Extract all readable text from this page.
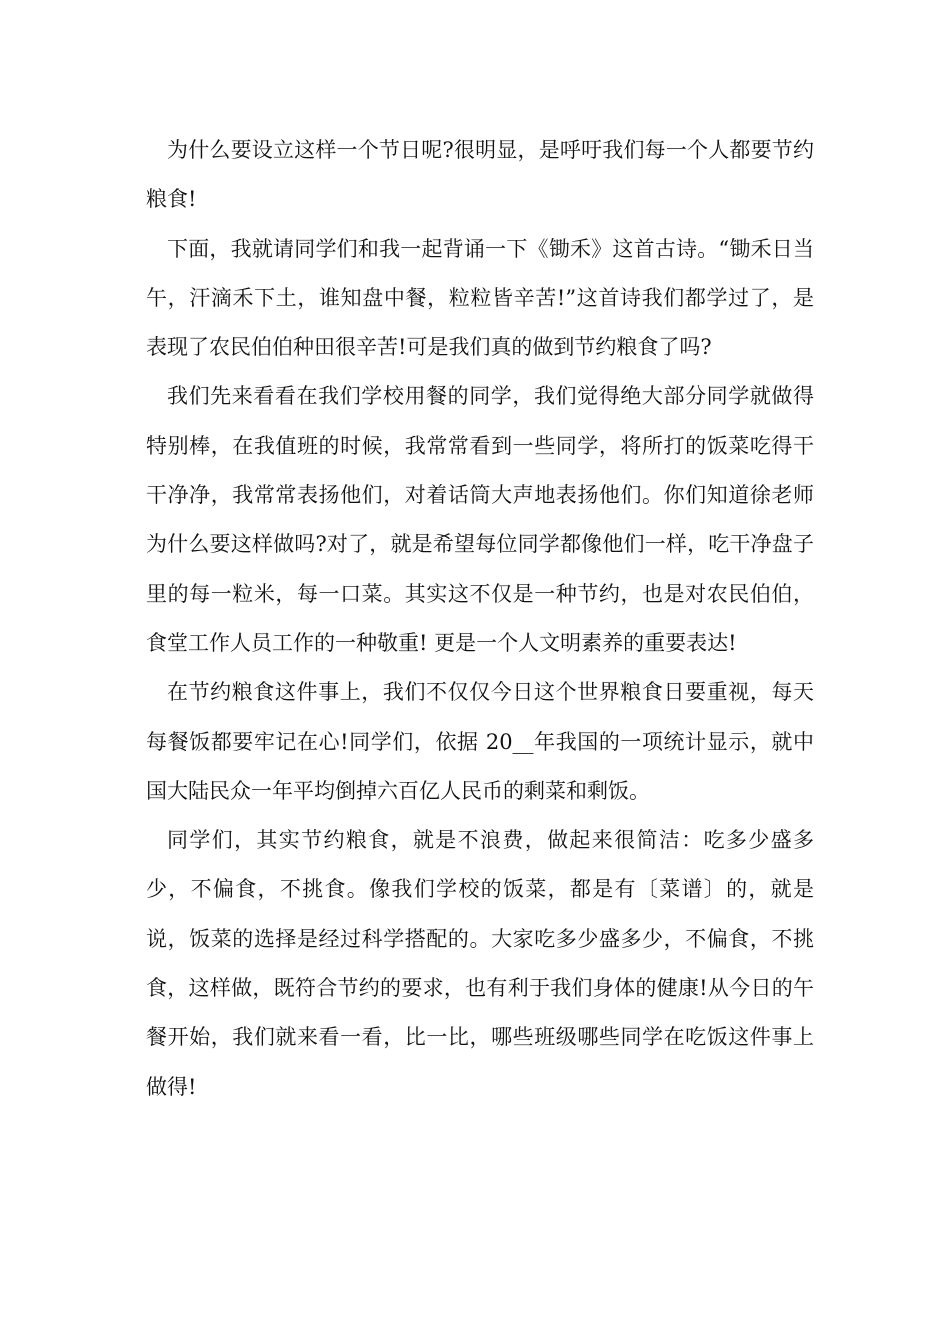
为什么要设立这样一个节日呢?很明显，是呼吁我们每一个人都要节约粮食!

下面，我就请同学们和我一起背诵一下《锄禾》这首古诗。“锄禾日当午，汗滴禾下土，谁知盘中餐，粒粒皆辛苦!”这首诗我们都学过了，是表现了农民伯伯种田很辛苦!可是我们真的做到节约粮食了吗?

我们先来看看在我们学校用餐的同学，我们觉得绝大部分同学就做得特别棒，在我值班的时候，我常常看到一些同学，将所打的饭菜吃得干干净净，我常常表扬他们，对着话筒大声地表扬他们。你们知道徐老师为什么要这样做吗?对了，就是希望每位同学都像他们一样，吃干净盘子里的每一粒米，每一口菜。其实这不仅是一种节约，也是对农民伯伯，食堂工作人员工作的一种敬重! 更是一个人文明素养的重要表达!

在节约粮食这件事上，我们不仅仅今日这个世界粮食日要重视，每天每餐饭都要牢记在心!同学们，依据 20__年我国的一项统计显示，就中国大陆民众一年平均倒掉六百亿人民币的剩菜和剩饭。

同学们，其实节约粮食，就是不浪费，做起来很简洁：吃多少盛多少，不偏食，不挑食。像我们学校的饭菜，都是有〔菜谱〕的，就是说，饭菜的选择是经过科学搭配的。大家吃多少盛多少，不偏食，不挑食，这样做，既符合节约的要求，也有利于我们身体的健康!从今日的午餐开始，我们就来看一看，比一比，哪些班级哪些同学在吃饭这件事上做得!
